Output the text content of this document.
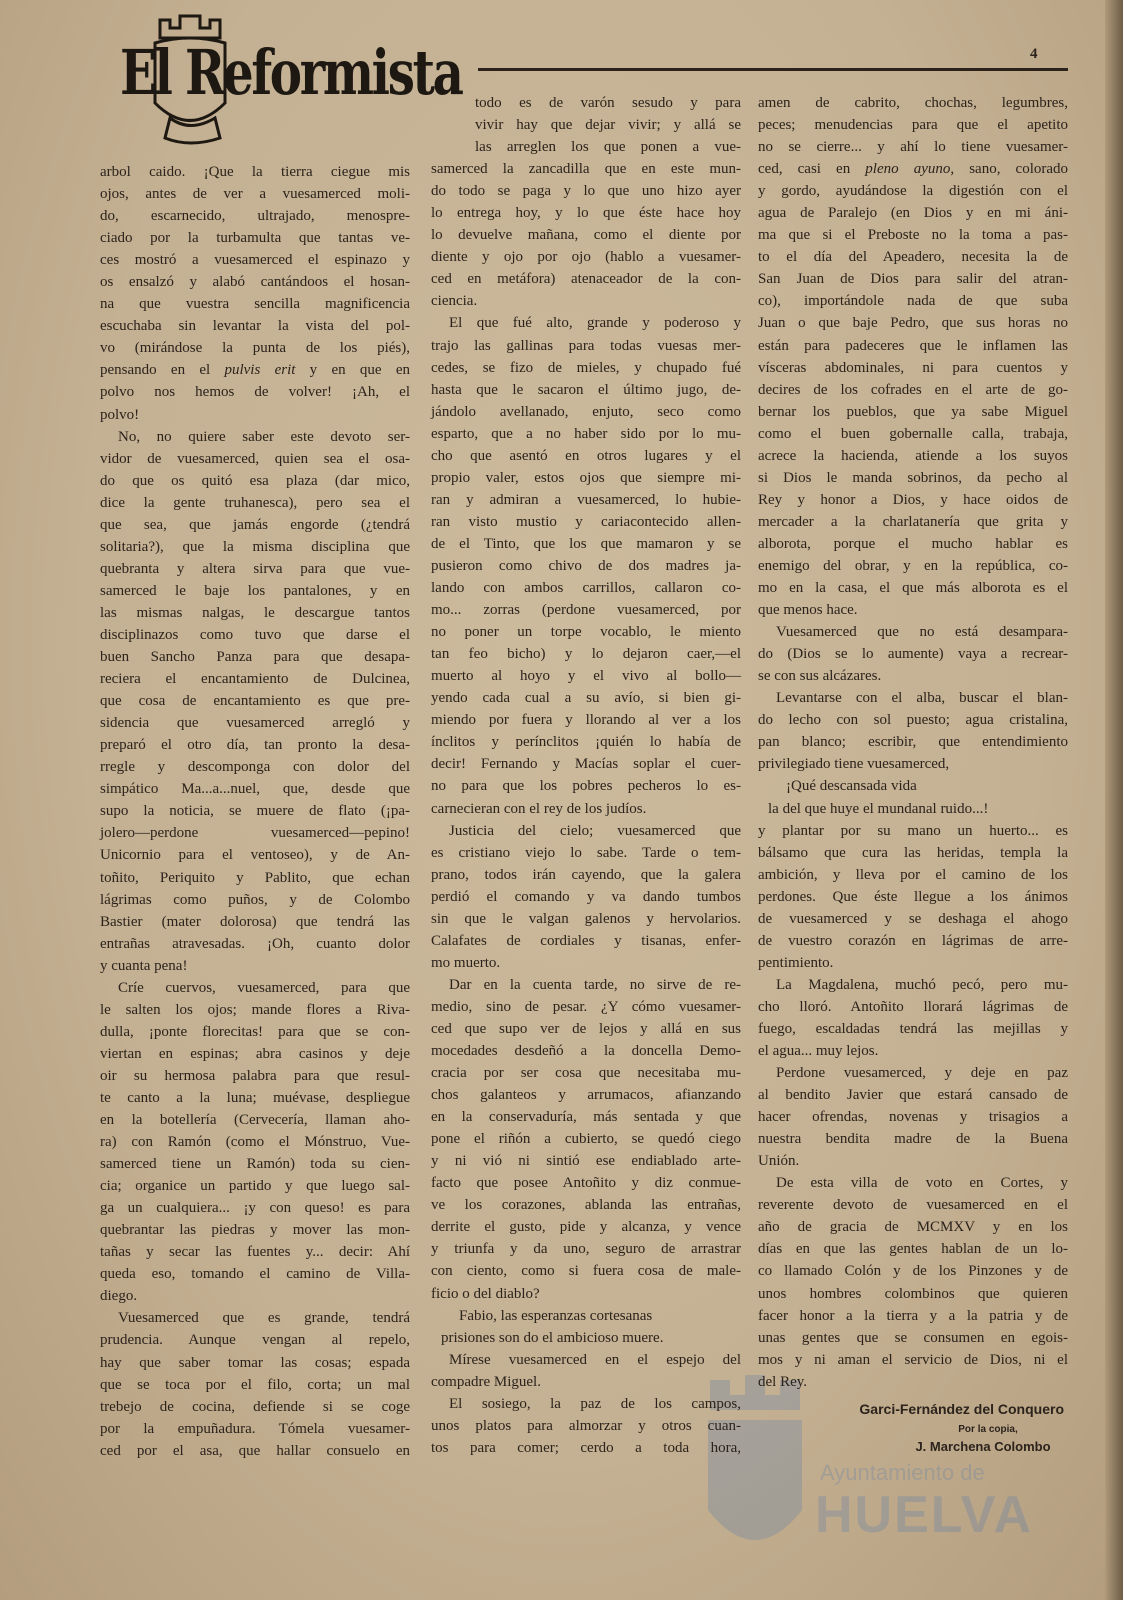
Ayuntamiento de
HUELVA
El Reformista	4
arbol caido. ¡Que la tierra ciegue mis
ojos, antes de ver a vuesamerced moli-
do, escarnecido, ultrajado, menospre-
ciado por la turbamulta que tantas ve-
ces mostró a vuesamerced el espinazo y
os ensalzó y alabó cantándoos el hosan-
na que vuestra sencilla magnificencia
escuchaba sin levantar la vista del pol-
vo (mirándose la punta de los piés),
pensando en el pulvis erit y en que en
polvo nos hemos de volver! ¡Ah, el
polvo!
No, no quiere saber este devoto ser-
vidor de vuesamerced, quien sea el osa-
do que os quitó esa plaza (dar mico,
dice la gente truhanesca), pero sea el
que sea, que jamás engorde (¿tendrá
solitaria?), que la misma disciplina que
quebranta y altera sirva para que vue-
samerced le baje los pantalones, y en
las mismas nalgas, le descargue tantos
disciplinazos como tuvo que darse el
buen Sancho Panza para que desapa-
reciera el encantamiento de Dulcinea,
que cosa de encantamiento es que pre-
sidencia que vuesamerced arregló y
preparó el otro día, tan pronto la desa-
rregle y descomponga con dolor del
simpático Ma...a...nuel, que, desde que
supo la noticia, se muere de flato (¡pa-
jolero—perdone vuesamerced—pepino!
Unicornio para el ventoseo), y de An-
toñito, Periquito y Pablito, que echan
lágrimas como puños, y de Colombo
Bastier (mater dolorosa) que tendrá las
entrañas atravesadas. ¡Oh, cuanto dolor
y cuanta pena!
Críe cuervos, vuesamerced, para que
le salten los ojos; mande flores a Riva-
dulla, ¡ponte florecitas! para que se con-
viertan en espinas; abra casinos y deje
oir su hermosa palabra para que resul-
te canto a la luna; muévase, despliegue
en la botellería (Cervecería, llaman aho-
ra) con Ramón (como el Mónstruo, Vue-
samerced tiene un Ramón) toda su cien-
cia; organice un partido y que luego sal-
ga un cualquiera... ¡y con queso! es para
quebrantar las piedras y mover las mon-
tañas y secar las fuentes y... decir: Ahí
queda eso, tomando el camino de Villa-
diego.
Vuesamerced que es grande, tendrá
prudencia. Aunque vengan al repelo,
hay que saber tomar las cosas; espada
que se toca por el filo, corta; un mal
trebejo de cocina, defiende si se coge
por la empuñadura. Tómela vuesamer-
ced por el asa, que hallar consuelo en
todo es de varón sesudo y para
vivir hay que dejar vivir; y allá se
las arreglen los que ponen a vue-
samerced la zancadilla que en este mun-
do todo se paga y lo que uno hizo ayer
lo entrega hoy, y lo que éste hace hoy
lo devuelve mañana, como el diente por
diente y ojo por ojo (hablo a vuesamer-
ced en metáfora) atenaceador de la con-
ciencia.
El que fué alto, grande y poderoso y
trajo las gallinas para todas vuesas mer-
cedes, se fizo de mieles, y chupado fué
hasta que le sacaron el último jugo, de-
jándolo avellanado, enjuto, seco como
esparto, que a no haber sido por lo mu-
cho que asentó en otros lugares y el
propio valer, estos ojos que siempre mi-
ran y admiran a vuesamerced, lo hubie-
ran visto mustio y cariacontecido allen-
de el Tinto, que los que mamaron y se
pusieron como chivo de dos madres ja-
lando con ambos carrillos, callaron co-
mo... zorras (perdone vuesamerced, por
no poner un torpe vocablo, le miento
tan feo bicho) y lo dejaron caer,—el
muerto al hoyo y el vivo al bollo—
yendo cada cual a su avío, si bien gi-
miendo por fuera y llorando al ver a los
ínclitos y perínclitos ¡quién lo había de
decir! Fernando y Macías soplar el cuer-
no para que los pobres pecheros lo es-
carnecieran con el rey de los judíos.
Justicia del cielo; vuesamerced que
es cristiano viejo lo sabe. Tarde o tem-
prano, todos irán cayendo, que la galera
perdió el comando y va dando tumbos
sin que le valgan galenos y hervolarios.
Calafates de cordiales y tisanas, enfer-
mo muerto.
Dar en la cuenta tarde, no sirve de re-
medio, sino de pesar. ¿Y cómo vuesamer-
ced que supo ver de lejos y allá en sus
mocedades desdeñó a la doncella Demo-
cracia por ser cosa que necesitaba mu-
chos galanteos y arrumacos, afianzando
en la conservaduría, más sentada y que
pone el riñón a cubierto, se quedó ciego
y ni vió ni sintió ese endiablado arte-
facto que posee Antoñito y diz conmue-
ve los corazones, ablanda las entrañas,
derrite el gusto, pide y alcanza, y vence
y triunfa y da uno, seguro de arrastrar
con ciento, como si fuera cosa de male-
ficio o del diablo?
Fabio, las esperanzas cortesanas
prisiones son do el ambicioso muere.
Mírese vuesamerced en el espejo del
compadre Miguel.
El sosiego, la paz de los campos,
unos platos para almorzar y otros cuan-
tos para comer; cerdo a toda hora,
amen de cabrito, chochas, legumbres,
peces; menudencias para que el apetito
no se cierre... y ahí lo tiene vuesamer-
ced, casi en pleno ayuno, sano, colorado
y gordo, ayudándose la digestión con el
agua de Paralejo (en Dios y en mi áni-
ma que si el Preboste no la toma a pas-
to el día del Apeadero, necesita la de
San Juan de Dios para salir del atran-
co), importándole nada de que suba
Juan o que baje Pedro, que sus horas no
están para padeceres que le inflamen las
vísceras abdominales, ni para cuentos y
decires de los cofrades en el arte de go-
bernar los pueblos, que ya sabe Miguel
como el buen gobernalle calla, trabaja,
acrece la hacienda, atiende a los suyos
si Dios le manda sobrinos, da pecho al
Rey y honor a Dios, y hace oidos de
mercader a la charlatanería que grita y
alborota, porque el mucho hablar es
enemigo del obrar, y en la república, co-
mo en la casa, el que más alborota es el
que menos hace.
Vuesamerced que no está desampara-
do (Dios se lo aumente) vaya a recrear-
se con sus alcázares.
Levantarse con el alba, buscar el blan-
do lecho con sol puesto; agua cristalina,
pan blanco; escribir, que entendimiento
privilegiado tiene vuesamerced,
¡Qué descansada vida
la del que huye el mundanal ruido...!
y plantar por su mano un huerto... es
bálsamo que cura las heridas, templa la
ambición, y lleva por el camino de los
perdones. Que éste llegue a los ánimos
de vuesamerced y se deshaga el ahogo
de vuestro corazón en lágrimas de arre-
pentimiento.
La Magdalena, muchó pecó, pero mu-
cho lloró. Antoñito llorará lágrimas de
fuego, escaldadas tendrá las mejillas y
el agua... muy lejos.
Perdone vuesamerced, y deje en paz
al bendito Javier que estará cansado de
hacer ofrendas, novenas y trisagios a
nuestra bendita madre de la Buena
Unión.
De esta villa de voto en Cortes, y
reverente devoto de vuesamerced en el
año de gracia de MCMXV y en los
días en que las gentes hablan de un lo-
co llamado Colón y de los Pinzones y de
unos hombres colombinos que quieren
facer honor a la tierra y a la patria y de
unas gentes que se consumen en egois-
mos y ni aman el servicio de Dios, ni el
del Rey.
Garci-Fernández del Conquero
Por la copia,
J. Marchena Colombo
